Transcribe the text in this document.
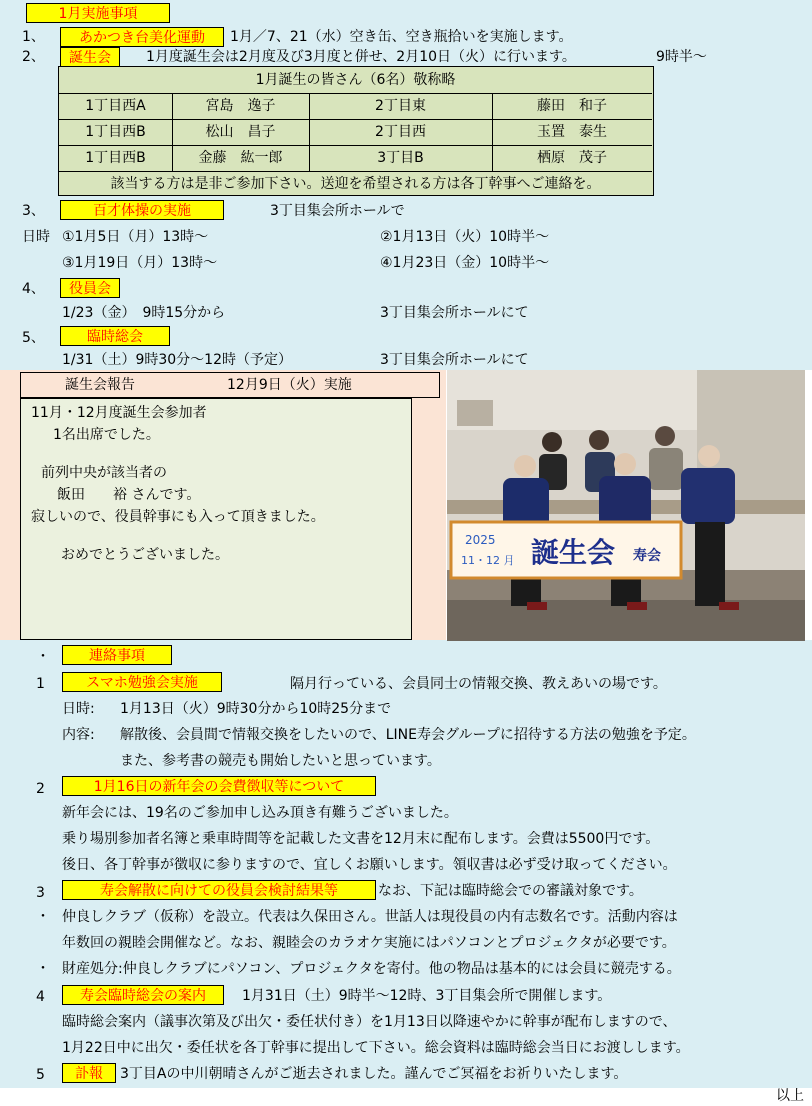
1月実施事項
1、	あかつき台美化運動	1月／7、21（水）空き缶、空き瓶拾いを実施します。
2、	誕生会	1月度誕生会は2月度及び3月度と併せ、2月10日（火）に行います。	9時半～
1月誕生の皆さん（6名）敬称略
1丁目西A	宮島　逸子	2丁目東	藤田　和子
1丁目西B	松山　昌子	2丁目西	玉置　泰生
1丁目西B	金藤　紘一郎	3丁目B	栖原　茂子
該当する方は是非ご参加下さい。送迎を希望される方は各丁幹事へご連絡を。
3、	百才体操の実施	3丁目集会所ホールで
日時 ①1月5日（月）13時～	②1月13日（火）10時半～
③1月19日（月）13時～	④1月23日（金）10時半～
4、	役員会
1/23（金）　9時15分から	3丁目集会所ホールにて
5、	臨時総会
1/31（土）9時30分～12時（予定）	3丁目集会所ホールにて
誕生会報告	12月9日（火）実施
11月・12月度誕生会参加者
1名出席でした。
前列中央が該当者の
飯田　　裕 さんです。
寂しいので、役員幹事にも入って頂きました。
おめでとうございました。
2025
11・12 月 誕生会 寿会
・	連絡事項
1	スマホ勉強会実施	隔月行っている、会員同士の情報交換、教えあいの場です。
日時: 1月13日（火）9時30分から10時25分まで
内容: 解散後、会員間で情報交換をしたいので、LINE寿会グループに招待する方法の勉強を予定。
また、参考書の競売も開始したいと思っています。
2	1月16日の新年会の会費徴収等について
新年会には、19名のご参加申し込み頂き有難うございました。
乗り場別参加者名簿と乗車時間等を記載した文書を12月末に配布します。会費は5500円です。
後日、各丁幹事が徴収に参りますので、宜しくお願いします。領収書は必ず受け取ってください。
3	寿会解散に向けての役員会検討結果等	なお、下記は臨時総会での審議対象です。
・ 仲良しクラブ（仮称）を設立。代表は久保田さん。世話人は現役員の内有志数名です。活動内容は
年数回の親睦会開催など。なお、親睦会のカラオケ実施にはパソコンとプロジェクタが必要です。
・ 財産処分:仲良しクラブにパソコン、プロジェクタを寄付。他の物品は基本的には会員に競売する。
4	寿会臨時総会の案内	1月31日（土）9時半～12時、3丁目集会所で開催します。
臨時総会案内（議事次第及び出欠・委任状付き）を1月13日以降速やかに幹事が配布しますので、
1月22日中に出欠・委任状を各丁幹事に提出して下さい。総会資料は臨時総会当日にお渡しします。
5	訃報	3丁目Aの中川朝晴さんがご逝去されました。謹んでご冥福をお祈りいたします。
以上
